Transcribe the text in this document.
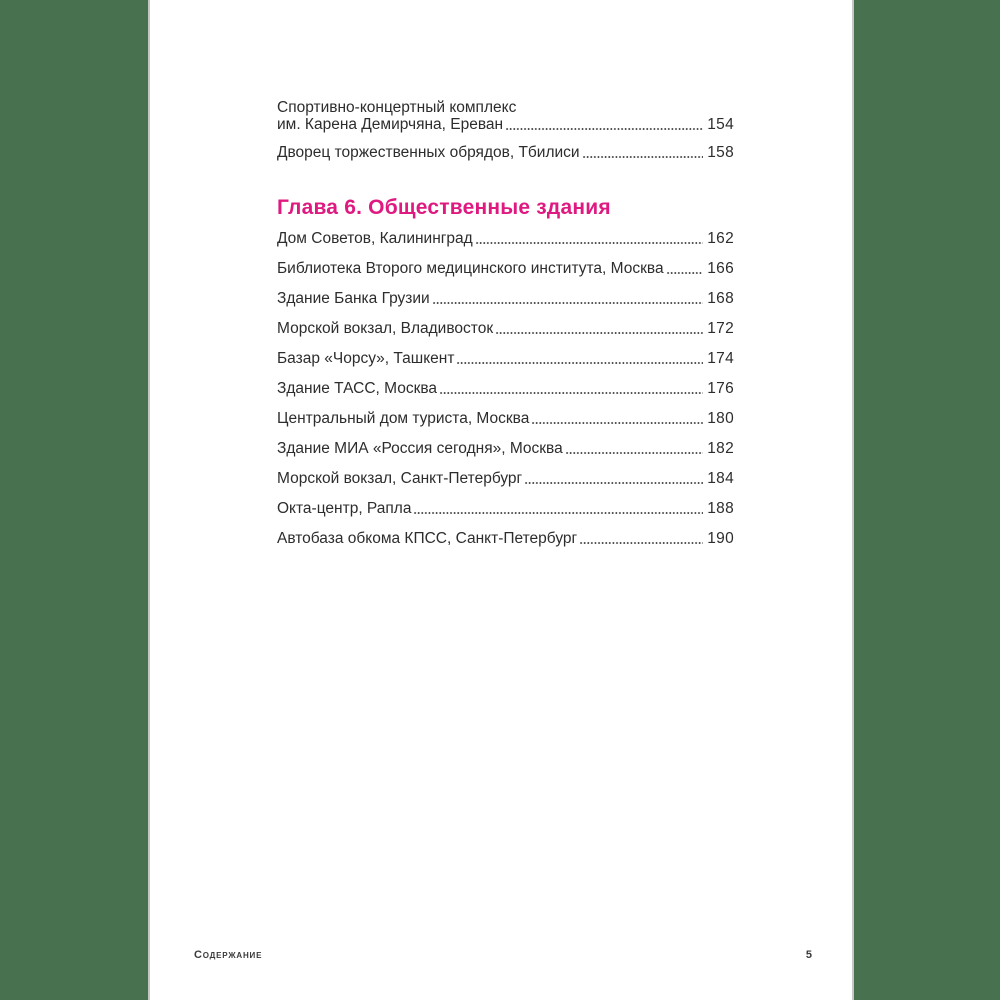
Спортивно-концертный комплекс
им. Карена Демирчяна, Ереван	154
Дворец торжественных обрядов, Тбилиси	158
Глава 6. Общественные здания
Дом Советов, Калининград	162
Библиотека Второго медицинского института, Москва	166
Здание Банка Грузии	168
Морской вокзал, Владивосток	172
Базар «Чорсу», Ташкент	174
Здание ТАСС, Москва	176
Центральный дом туриста, Москва	180
Здание МИА «Россия сегодня», Москва	182
Морской вокзал, Санкт-Петербург	184
Окта-центр, Рапла	188
Автобаза обкома КПСС, Санкт-Петербург	190
СОДЕРЖАНИЕ	5
